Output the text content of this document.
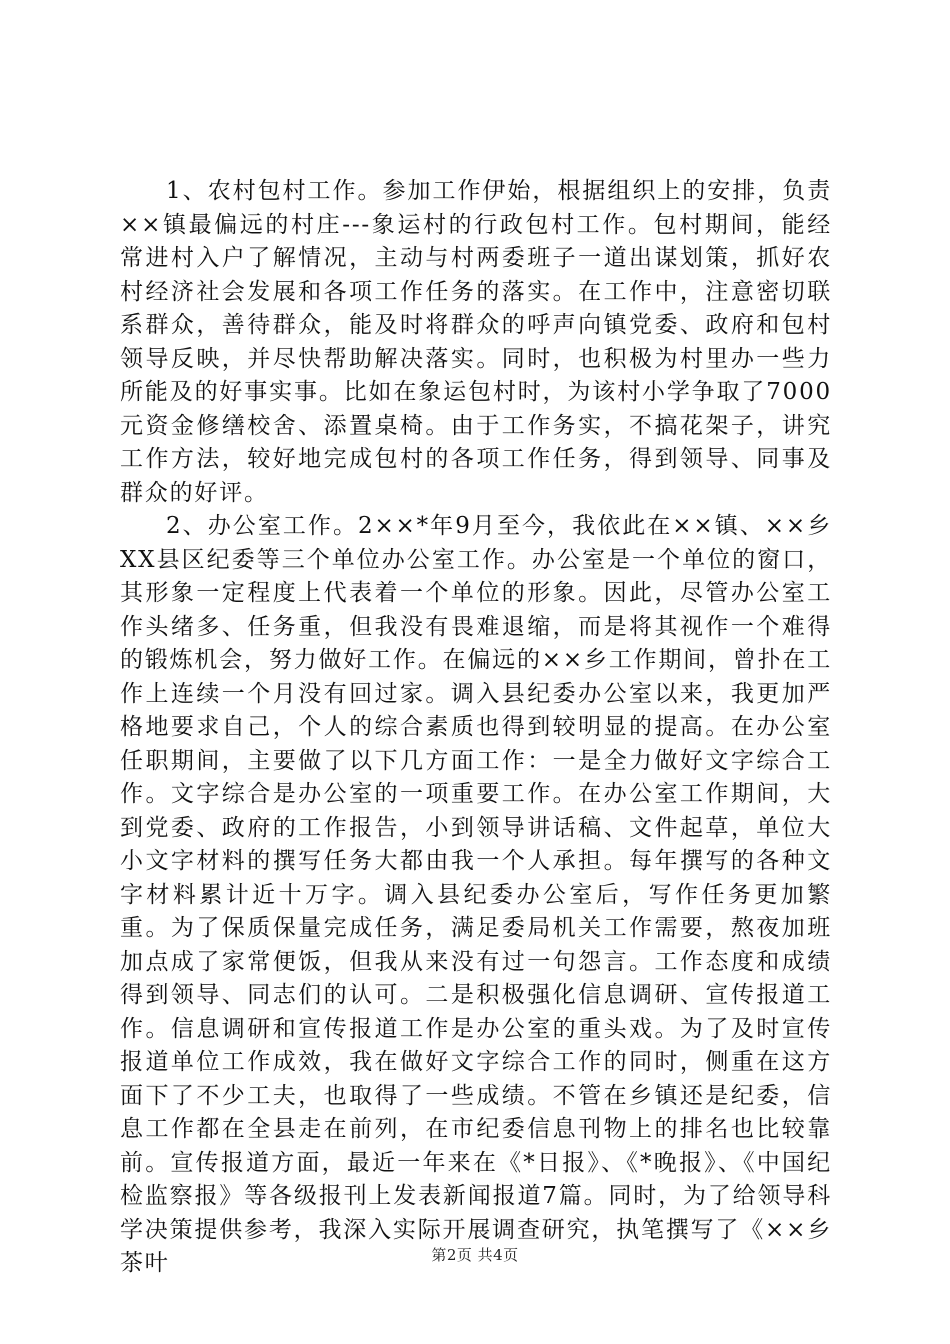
1、农村包村工作。参加工作伊始，根据组织上的安排，负责××镇最偏远的村庄---象运村的行政包村工作。包村期间，能经常进村入户了解情况，主动与村两委班子一道出谋划策，抓好农村经济社会发展和各项工作任务的落实。在工作中，注意密切联系群众，善待群众，能及时将群众的呼声向镇党委、政府和包村领导反映，并尽快帮助解决落实。同时，也积极为村里办一些力所能及的好事实事。比如在象运包村时，为该村小学争取了7000元资金修缮校舍、添置桌椅。由于工作务实，不搞花架子，讲究工作方法，较好地完成包村的各项工作任务，得到领导、同事及群众的好评。

2、办公室工作。2××*年9月至今，我依此在××镇、××乡XX县区纪委等三个单位办公室工作。办公室是一个单位的窗口，其形象一定程度上代表着一个单位的形象。因此，尽管办公室工作头绪多、任务重，但我没有畏难退缩，而是将其视作一个难得的锻炼机会，努力做好工作。在偏远的××乡工作期间，曾扑在工作上连续一个月没有回过家。调入县纪委办公室以来，我更加严格地要求自己，个人的综合素质也得到较明显的提高。在办公室任职期间，主要做了以下几方面工作：一是全力做好文字综合工作。文字综合是办公室的一项重要工作。在办公室工作期间，大到党委、政府的工作报告，小到领导讲话稿、文件起草，单位大小文字材料的撰写任务大都由我一个人承担。每年撰写的各种文字材料累计近十万字。调入县纪委办公室后，写作任务更加繁重。为了保质保量完成任务，满足委局机关工作需要，熬夜加班加点成了家常便饭，但我从来没有过一句怨言。工作态度和成绩得到领导、同志们的认可。二是积极强化信息调研、宣传报道工作。信息调研和宣传报道工作是办公室的重头戏。为了及时宣传报道单位工作成效，我在做好文字综合工作的同时，侧重在这方面下了不少工夫，也取得了一些成绩。不管在乡镇还是纪委，信息工作都在全县走在前列，在市纪委信息刊物上的排名也比较靠前。宣传报道方面，最近一年来在《*日报》、《*晚报》、《中国纪检监察报》等各级报刊上发表新闻报道7篇。同时，为了给领导科学决策提供参考，我深入实际开展调查研究，执笔撰写了《××乡茶叶	第2页 共4页
